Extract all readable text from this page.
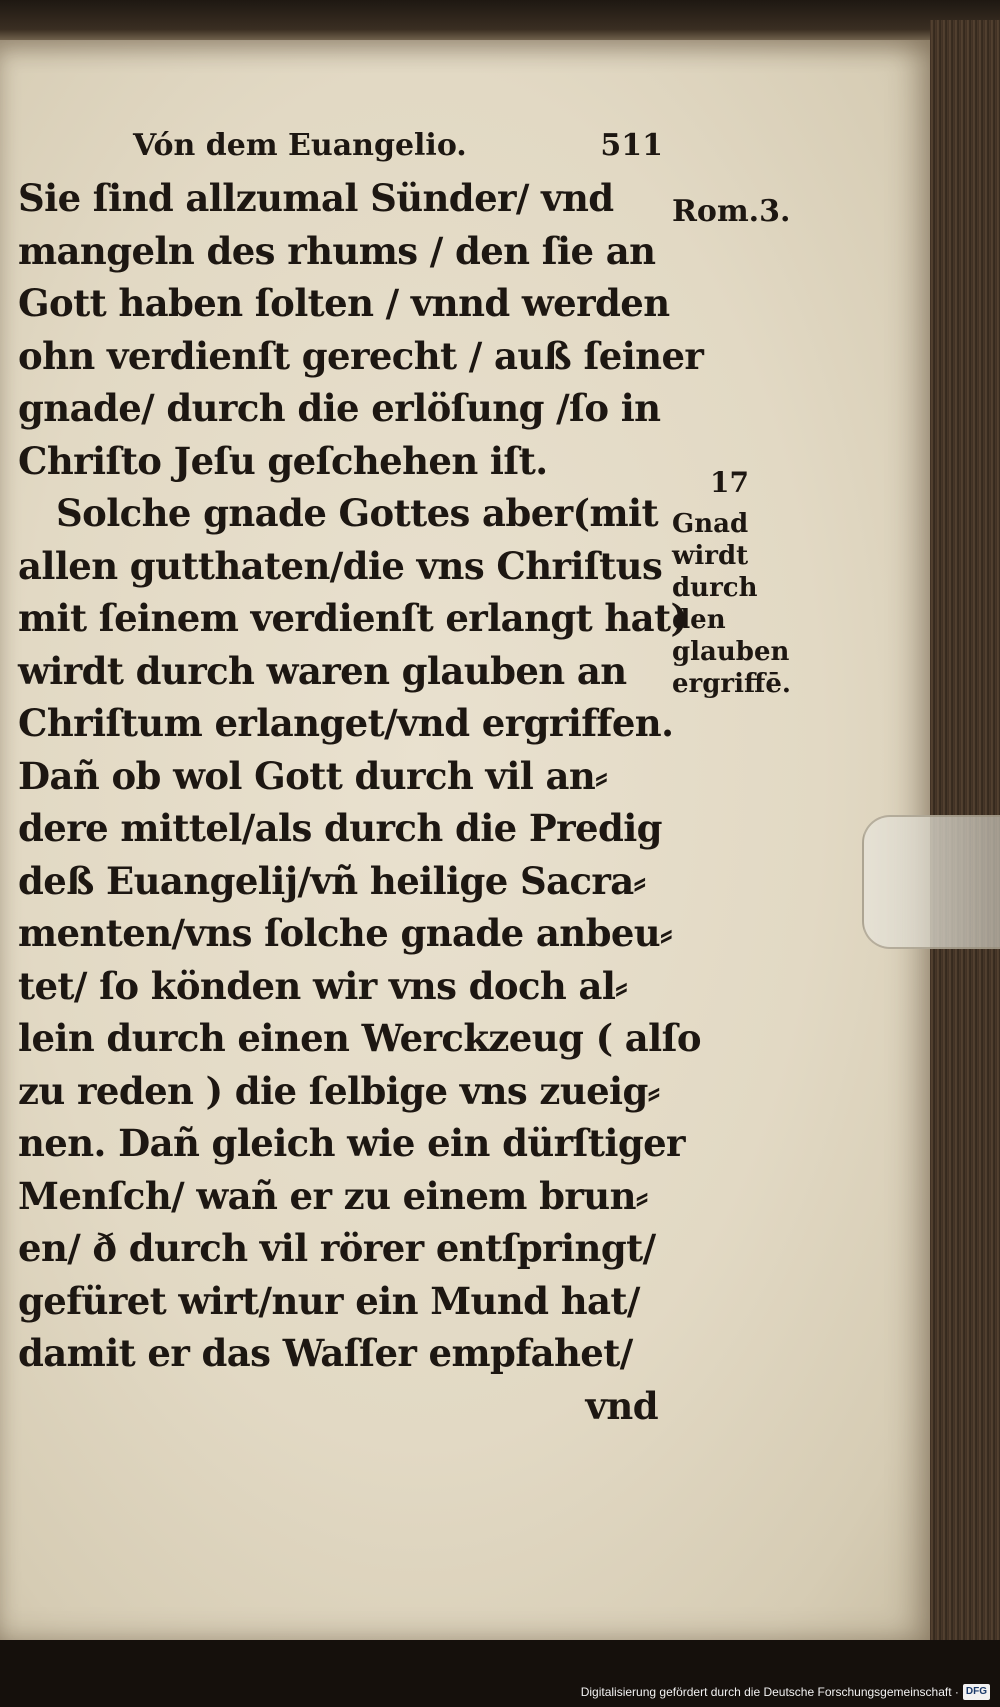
Vón dem Euangelio.	511
Sie ſind allzumal Sünder/ vnd
mangeln des rhums / den ſie an
Gott haben ſolten / vnnd werden
ohn verdienſt gerecht / auß ſeiner
gnade/ durch die erlöſung /ſo in
Chriſto Jeſu geſchehen iſt.
Solche gnade Gottes aber(mit
allen gutthaten/die vns Chriſtus
mit ſeinem verdienſt erlangt hat)
wirdt durch waren glauben an
Chriſtum erlanget/vnd ergriffen.
Dañ ob wol Gott durch vil an⸗
dere mittel/als durch die Predig
deß Euangelij/vñ heilige Sacra⸗
menten/vns ſolche gnade anbeu⸗
tet/ ſo könden wir vns doch al⸗
lein durch einen Werckzeug ( alſo
zu reden ) die ſelbige vns zueig⸗
nen. Dañ gleich wie ein dürſtiger
Menſch/ wañ er zu einem brun⸗
en/ ð durch vil rörer entſpringt/
gefüret wirt/nur ein Mund hat/
damit er das Waſſer empfahet/
vnd
Rom.3.
17
Gnad
wirdt
durch
den
glauben
ergriffē.
Digitalisierung gefördert durch die Deutsche Forschungsgemeinschaft · DFG
